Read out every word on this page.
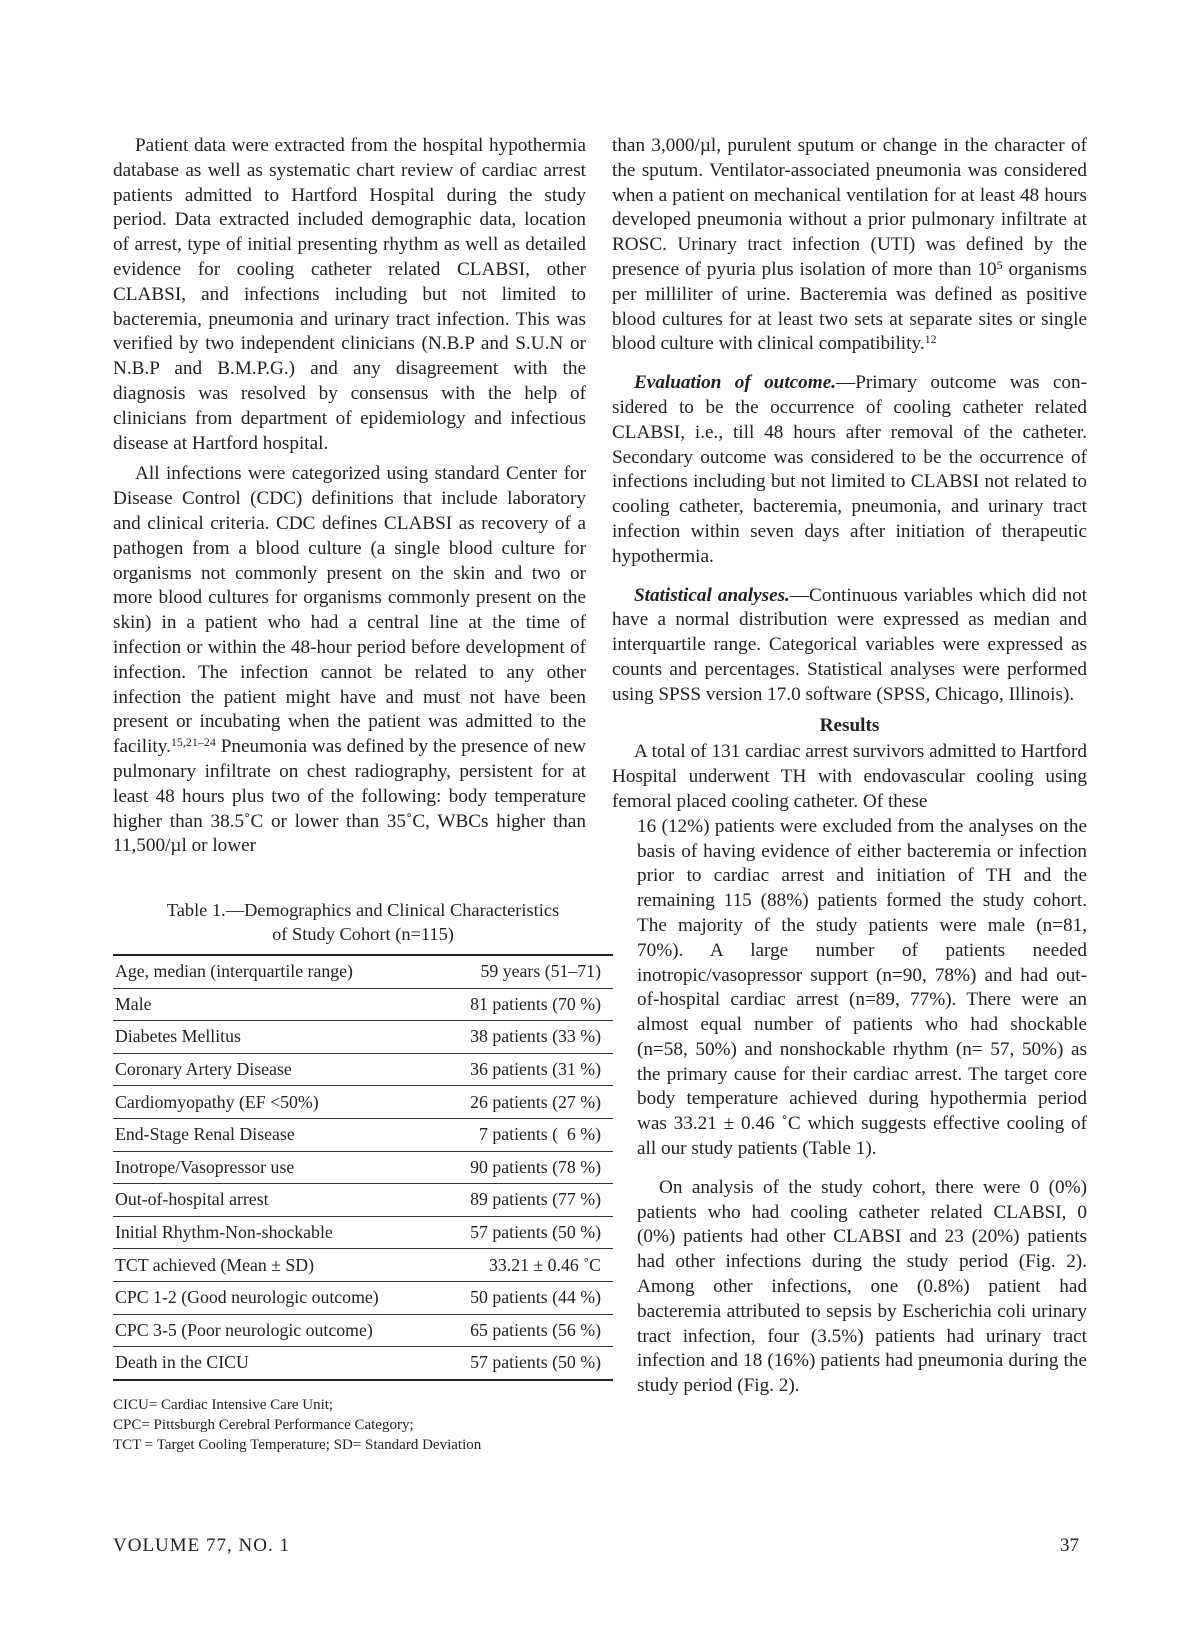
Patient data were extracted from the hospital hypothermia database as well as systematic chart review of cardiac arrest patients admitted to Hartford Hospital during the study period. Data extracted included demographic data, location of arrest, type of initial presenting rhythm as well as detailed evidence for cooling catheter related CLABSI, other CLABSI, and infections including but not limited to bacteremia, pneumonia and urinary tract infection. This was verified by two independent clinicians (N.B.P and S.U.N or N.B.P and B.M.P.G.) and any disagreement with the diagnosis was resolved by consensus with the help of clinicians from department of epidemiology and infectious disease at Hartford hospital.

All infections were categorized using standard Center for Disease Control (CDC) definitions that include laboratory and clinical criteria. CDC defines CLABSI as recovery of a pathogen from a blood culture (a single blood culture for organisms not commonly present on the skin and two or more blood cultures for organisms commonly present on the skin) in a patient who had a central line at the time of infection or within the 48-hour period before development of infection. The infection cannot be related to any other infection the patient might have and must not have been present or incubating when the patient was admitted to the facility.$^{15,21-24}$ Pneumonia was defined by the presence of new pulmonary infiltrate on chest radiography, persistent for at least 48 hours plus two of the following: body temperature higher than 38.5˚C or lower than 35˚C, WBCs higher than 11,500/µl or lower

Table 1.—Demographics and Clinical Characteristics
of Study Cohort (n=115)
Age, median (interquartile range)	59 years (51–71)
Male	81 patients (70 %)
Diabetes Mellitus	38 patients (33 %)
Coronary Artery Disease	36 patients (31 %)
Cardiomyopathy (EF <50%)	26 patients (27 %)
End-Stage Renal Disease	7 patients (  6 %)
Inotrope/Vasopressor use	90 patients (78 %)
Out-of-hospital arrest	89 patients (77 %)
Initial Rhythm-Non-shockable	57 patients (50 %)
TCT achieved (Mean ± SD)	33.21 ± 0.46 ˚C
CPC 1-2 (Good neurologic outcome)	50 patients (44 %)
CPC 3-5 (Poor neurologic outcome)	65 patients (56 %)
Death in the CICU	57 patients (50 %)
CICU= Cardiac Intensive Care Unit;
CPC= Pittsburgh Cerebral Performance Category;
TCT = Target Cooling Temperature; SD= Standard Deviation

than 3,000/µl, purulent sputum or change in the character of the sputum. Ventilator-associated pneumonia was considered when a patient on mechanical ventilation for at least 48 hours developed pneumonia without a prior pulmonary infiltrate at ROSC. Urinary tract infection (UTI) was defined by the presence of pyuria plus isolation of more than $10^5$ organisms per milliliter of urine. Bacteremia was defined as positive blood cultures for at least two sets at separate sites or single blood culture with clinical compatibility.$^{12}$

Evaluation of outcome.—Primary outcome was considered to be the occurrence of cooling catheter related CLABSI, i.e., till 48 hours after removal of the catheter. Secondary outcome was considered to be the occurrence of infections including but not limited to CLABSI not related to cooling catheter, bacteremia, pneumonia, and urinary tract infection within seven days after initiation of therapeutic hypothermia.

Statistical analyses.—Continuous variables which did not have a normal distribution were expressed as median and interquartile range. Categorical variables were expressed as counts and percentages. Statistical analyses were performed using SPSS version 17.0 software (SPSS, Chicago, Illinois).

Results

A total of 131 cardiac arrest survivors admitted to Hartford Hospital underwent TH with endovascular cooling using femoral placed cooling catheter. Of these

16 (12%) patients were excluded from the analyses on the basis of having evidence of either bacteremia or infection prior to cardiac arrest and initiation of TH and the remaining 115 (88%) patients formed the study cohort. The majority of the study patients were male (n=81, 70%). A large number of patients needed inotropic/vasopressor support (n=90, 78%) and had out-of-hospital cardiac arrest (n=89, 77%). There were an almost equal number of patients who had shockable (n=58, 50%) and nonshockable rhythm (n= 57, 50%) as the primary cause for their cardiac arrest. The target core body temperature achieved during hypothermia period was 33.21 ± 0.46 ˚C which suggests effective cooling of all our study patients (Table 1).

On analysis of the study cohort, there were 0 (0%) patients who had cooling catheter related CLABSI, 0 (0%) patients had other CLABSI and 23 (20%) patients had other infections during the study period (Fig. 2). Among other infections, one (0.8%) patient had bacteremia attributed to sepsis by Escherichia coli urinary tract infection, four (3.5%) patients had urinary tract infection and 18 (16%) patients had pneumonia during the study period (Fig. 2).

VOLUME 77, NO. 1	37
